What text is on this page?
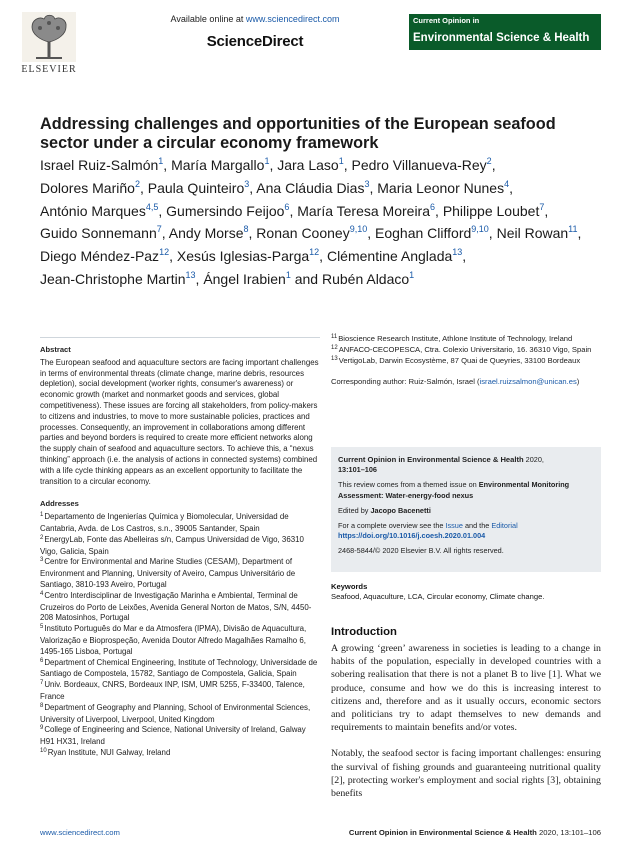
ELSEVIER
Available online at www.sciencedirect.com
ScienceDirect
Current Opinion in
Environmental Science & Health
Addressing challenges and opportunities of the European seafood sector under a circular economy framework
Israel Ruiz-Salmón$^1$, María Margallo$^1$, Jara Laso$^1$, Pedro Villanueva-Rey$^2$, Dolores Mariño$^2$, Paula Quinteiro$^3$, Ana Cláudia Dias$^3$, Maria Leonor Nunes$^4$, António Marques$^{4,5}$, Gumersindo Feijoo$^6$, María Teresa Moreira$^6$, Philippe Loubet$^7$, Guido Sonnemann$^7$, Andy Morse$^8$, Ronan Cooney$^{9,10}$, Eoghan Clifford$^{9,10}$, Neil Rowan$^{11}$, Diego Méndez-Paz$^{12}$, Xesús Iglesias-Parga$^{12}$, Clémentine Anglada$^{13}$, Jean-Christophe Martin$^{13}$, Ángel Irabien$^1$ and Rubén Aldaco$^1$
Abstract
The European seafood and aquaculture sectors are facing important challenges in terms of environmental threats (climate change, marine debris, resources depletion), social development (worker rights, consumer's awareness) or economic growth (market and nonmarket goods and services, global competitiveness). These issues are forcing all stakeholders, from policy-makers to citizens and industries, to move to more sustainable policies, practices and processes. Consequently, an improvement in collaborations among different parties and beyond borders is required to create more efficient networks along the supply chain of seafood and aquaculture sectors. To achieve this, a “nexus thinking” approach (i.e. the analysis of actions in connected systems) combined with a life cycle thinking appears as an excellent opportunity to facilitate the transition to a circular economy.
Addresses
$^1$Departamento de Ingenierías Química y Biomolecular, Universidad de Cantabria, Avda. de Los Castros, s.n., 39005 Santander, Spain
$^2$EnergyLab, Fonte das Abelleiras s/n, Campus Universidad de Vigo, 36310 Vigo, Galicia, Spain
$^3$Centre for Environmental and Marine Studies (CESAM), Department of Environment and Planning, University of Aveiro, Campus Universitário de Santiago, 3810-193 Aveiro, Portugal
$^4$Centro Interdisciplinar de Investigação Marinha e Ambiental, Terminal de Cruzeiros do Porto de Leixões, Avenida General Norton de Matos, S/N, 4450-208 Matosinhos, Portugal
$^5$Instituto Português do Mar e da Atmosfera (IPMA), Divisão de Aquacultura, Valorização e Bioprospeção, Avenida Doutor Alfredo Magalhães Ramalho 6, 1495-165 Lisboa, Portugal
$^6$Department of Chemical Engineering, Institute of Technology, Universidade de Santiago de Compostela, 15782, Santiago de Compostela, Galicia, Spain
$^7$Univ. Bordeaux, CNRS, Bordeaux INP, ISM, UMR 5255, F-33400, Talence, France
$^8$Department of Geography and Planning, School of Environmental Sciences, University of Liverpool, Liverpool, United Kingdom
$^9$College of Engineering and Science, National University of Ireland, Galway H91 HX31, Ireland
$^{10}$Ryan Institute, NUI Galway, Ireland
$^{11}$Bioscience Research Institute, Athlone Institute of Technology, Ireland
$^{12}$ANFACO-CECOPESCA, Ctra. Colexio Universitario, 16. 36310 Vigo, Spain
$^{13}$VertigoLab, Darwin Ecosystème, 87 Quai de Queyries, 33100 Bordeaux
Corresponding author: Ruiz-Salmón, Israel (israel.ruizsalmon@unican.es)
Current Opinion in Environmental Science & Health 2020,
13:101–106
This review comes from a themed issue on Environmental Monitoring Assessment: Water-energy-food nexus
Edited by Jacopo Bacenetti
For a complete overview see the Issue and the Editorial
https://doi.org/10.1016/j.coesh.2020.01.004
2468-5844/© 2020 Elsevier B.V. All rights reserved.
Keywords
Seafood, Aquaculture, LCA, Circular economy, Climate change.
Introduction

A growing ‘green’ awareness in societies is leading to a change in habits of the population, especially in developed countries with a sobering realisation that there is not a planet B to live [1]. What we produce, consume and how we do this is increasing interest to citizens and, therefore and as it usually occurs, economic sectors and politicians try to adapt themselves to new demands and requirements to maintain benefits and/or votes.

Notably, the seafood sector is facing important challenges: ensuring the survival of fishing grounds and guaranteeing nutritional quality [2], protecting worker's employment and social rights [3], obtaining benefits

www.sciencedirect.com	Current Opinion in Environmental Science & Health 2020, 13:101–106
